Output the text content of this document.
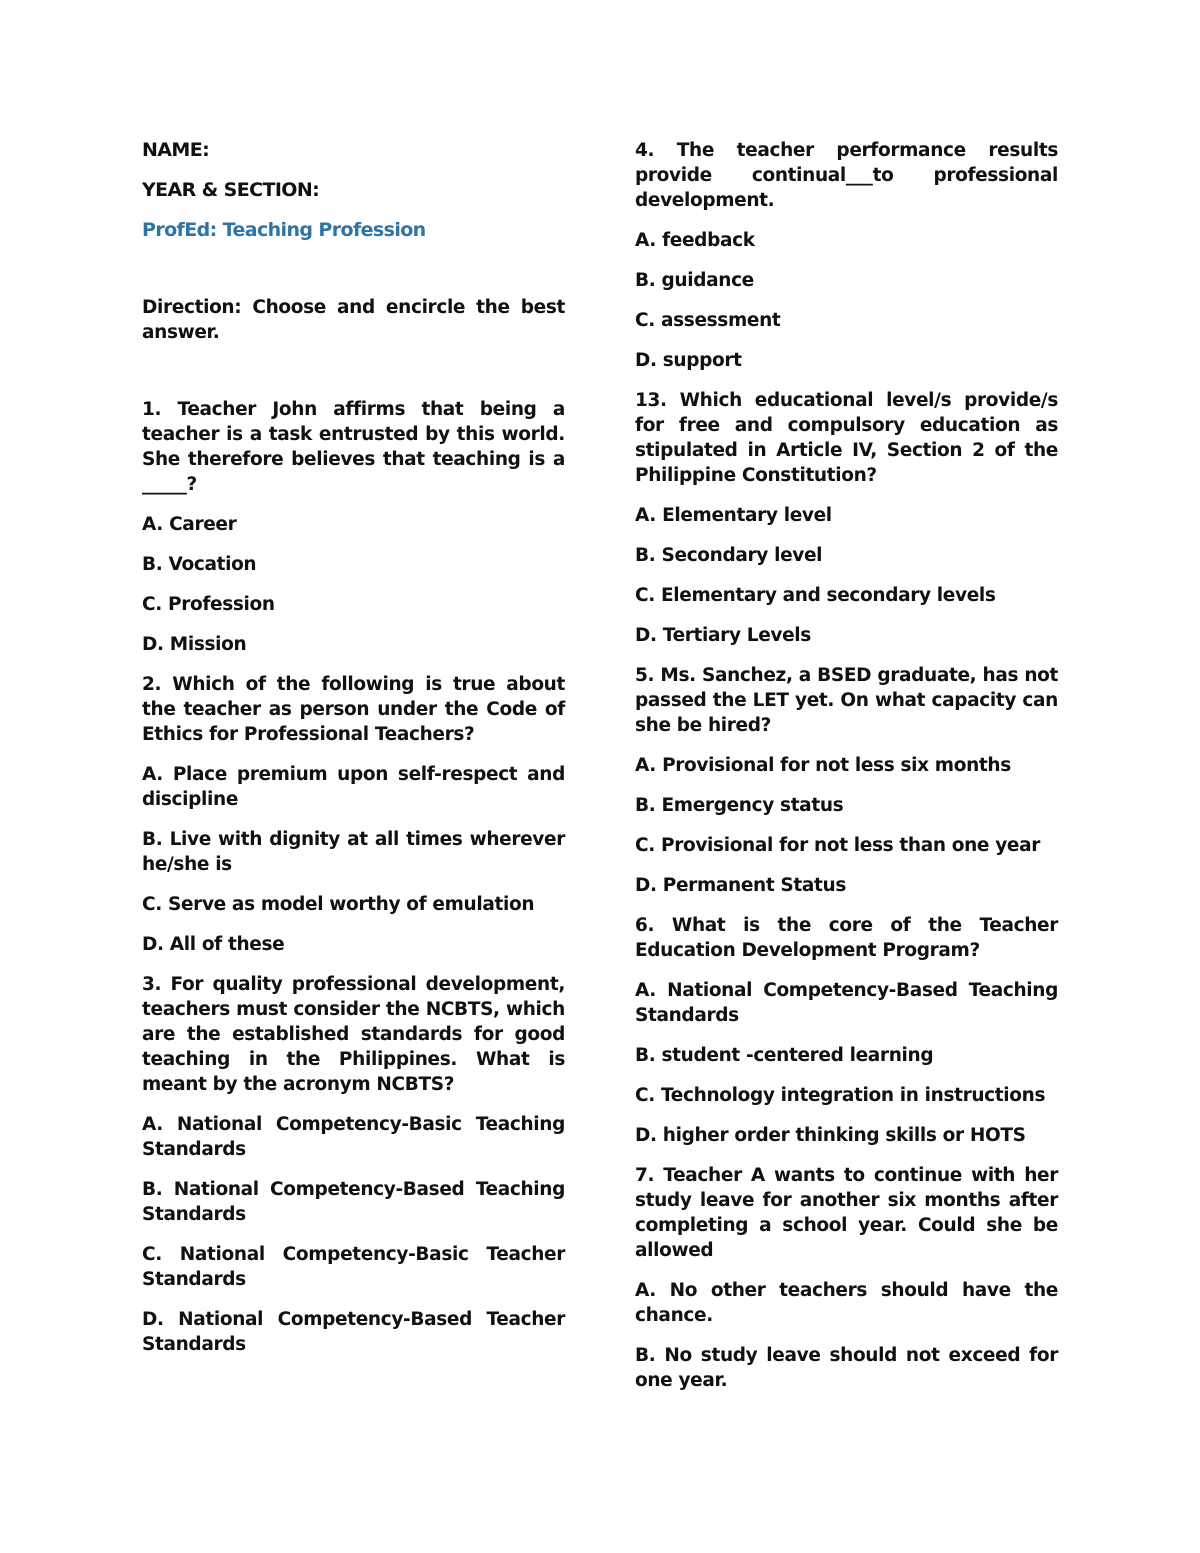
NAME:

YEAR & SECTION:

ProfEd: Teaching Profession

Direction: Choose and encircle the best answer.

1. Teacher John affirms that being a teacher is a task entrusted by this world. She therefore believes that teaching is a _____?

A. Career

B. Vocation

C. Profession

D. Mission

2. Which of the following is true about the teacher as person under the Code of Ethics for Professional Teachers?

A. Place premium upon self-respect and discipline

B. Live with dignity at all times wherever he/she is

C. Serve as model worthy of emulation

D. All of these

3. For quality professional development, teachers must consider the NCBTS, which are the established standards for good teaching in the Philippines. What is meant by the acronym NCBTS?

A. National Competency-Basic Teaching Standards

B. National Competency-Based Teaching Standards

C. National Competency-Basic Teacher Standards

D. National Competency-Based Teacher Standards

4. The teacher performance results provide continual___to professional development.

A. feedback

B. guidance

C. assessment

D. support

13. Which educational level/s provide/s for free and compulsory education as stipulated in Article IV, Section 2 of the Philippine Constitution?

A. Elementary level

B. Secondary level

C. Elementary and secondary levels

D. Tertiary Levels

5. Ms. Sanchez, a BSED graduate, has not passed the LET yet. On what capacity can she be hired?

A. Provisional for not less six months

B. Emergency status

C. Provisional for not less than one year

D. Permanent Status

6. What is the core of the Teacher Education Development Program?

A. National Competency-Based Teaching Standards

B. student -centered learning

C. Technology integration in instructions

D. higher order thinking skills or HOTS

7. Teacher A wants to continue with her study leave for another six months after completing a school year. Could she be allowed

A. No other teachers should have the chance.

B. No study leave should not exceed for one year.
